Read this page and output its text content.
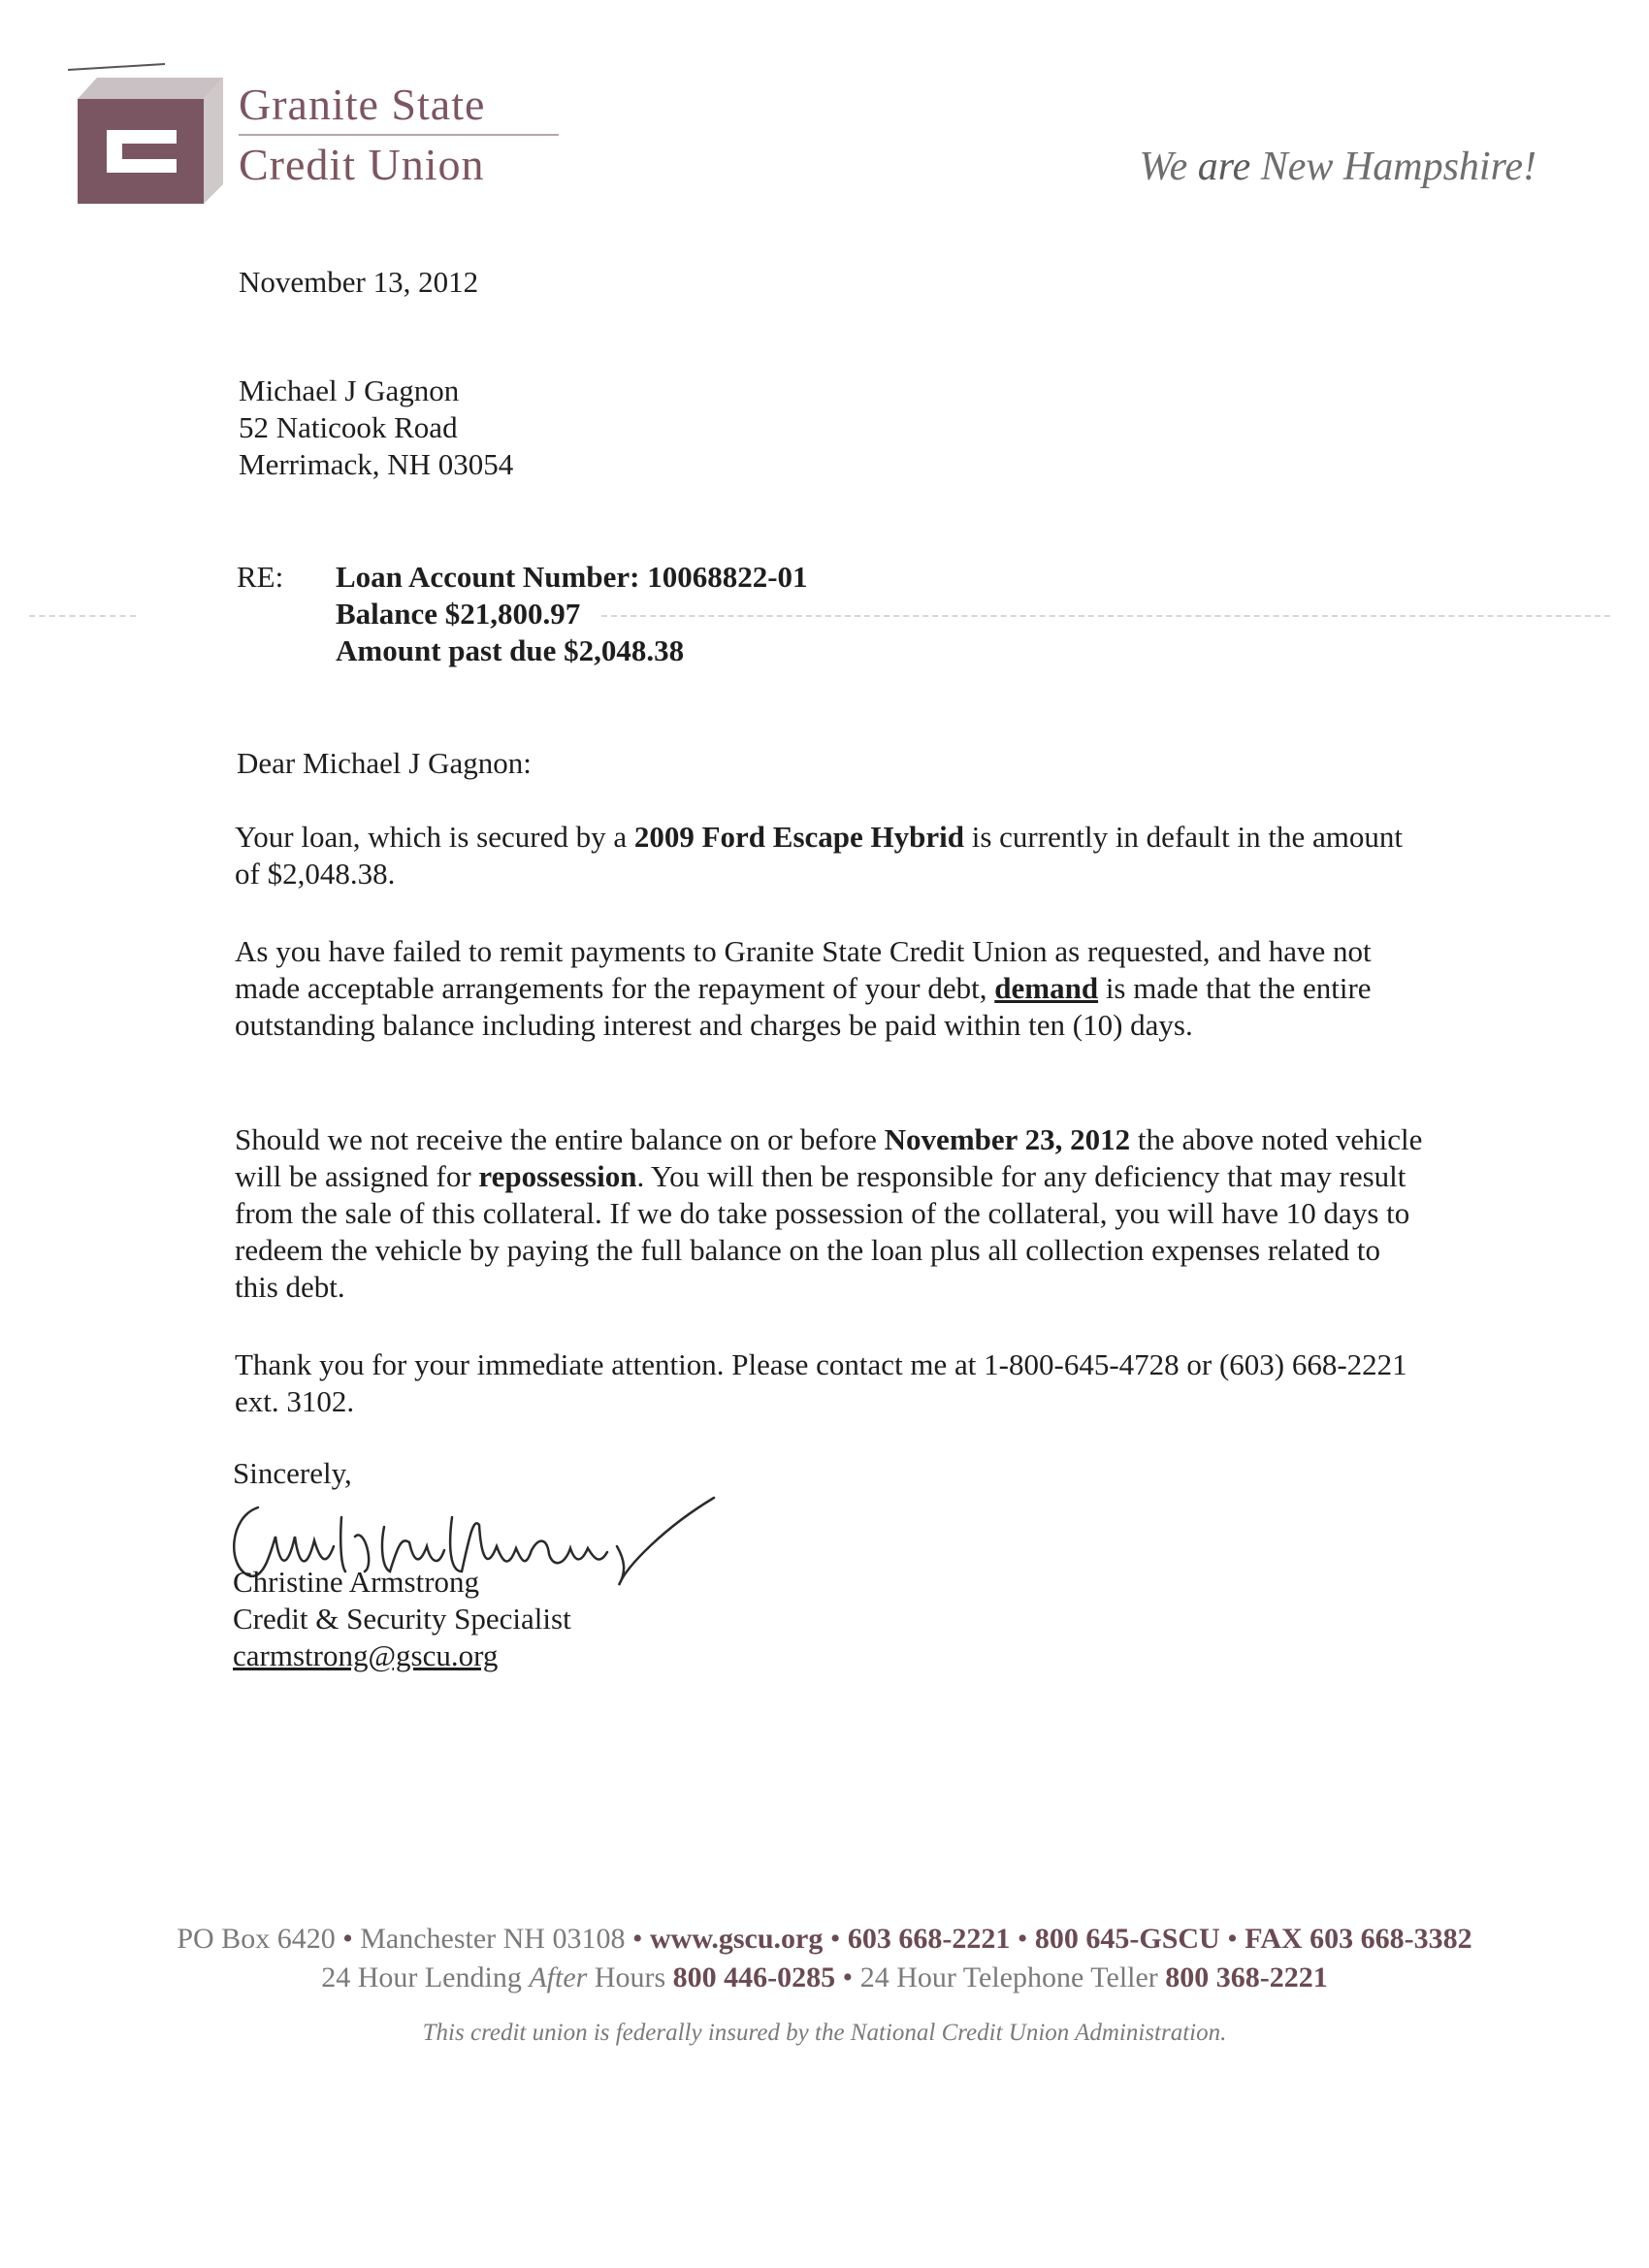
Granite State
Credit Union	We are New Hampshire!
November 13, 2012
Michael J Gagnon
52 Naticook Road
Merrimack, NH 03054
RE: Loan Account Number: 10068822-01
Balance $21,800.97
Amount past due $2,048.38
Dear Michael J Gagnon:
Your loan, which is secured by a 2009 Ford Escape Hybrid is currently in default in the amount of $2,048.38.
As you have failed to remit payments to Granite State Credit Union as requested, and have not made acceptable arrangements for the repayment of your debt, demand is made that the entire outstanding balance including interest and charges be paid within ten (10) days.
Should we not receive the entire balance on or before November 23, 2012 the above noted vehicle will be assigned for repossession. You will then be responsible for any deficiency that may result from the sale of this collateral. If we do take possession of the collateral, you will have 10 days to redeem the vehicle by paying the full balance on the loan plus all collection expenses related to this debt.
Thank you for your immediate attention. Please contact me at 1-800-645-4728 or (603) 668-2221 ext. 3102.
Sincerely,
Christine Armstrong
Credit & Security Specialist
carmstrong@gscu.org
PO Box 6420 • Manchester NH 03108 • www.gscu.org • 603 668-2221 • 800 645-GSCU • FAX 603 668-3382
24 Hour Lending After Hours 800 446-0285 • 24 Hour Telephone Teller 800 368-2221
This credit union is federally insured by the National Credit Union Administration.
